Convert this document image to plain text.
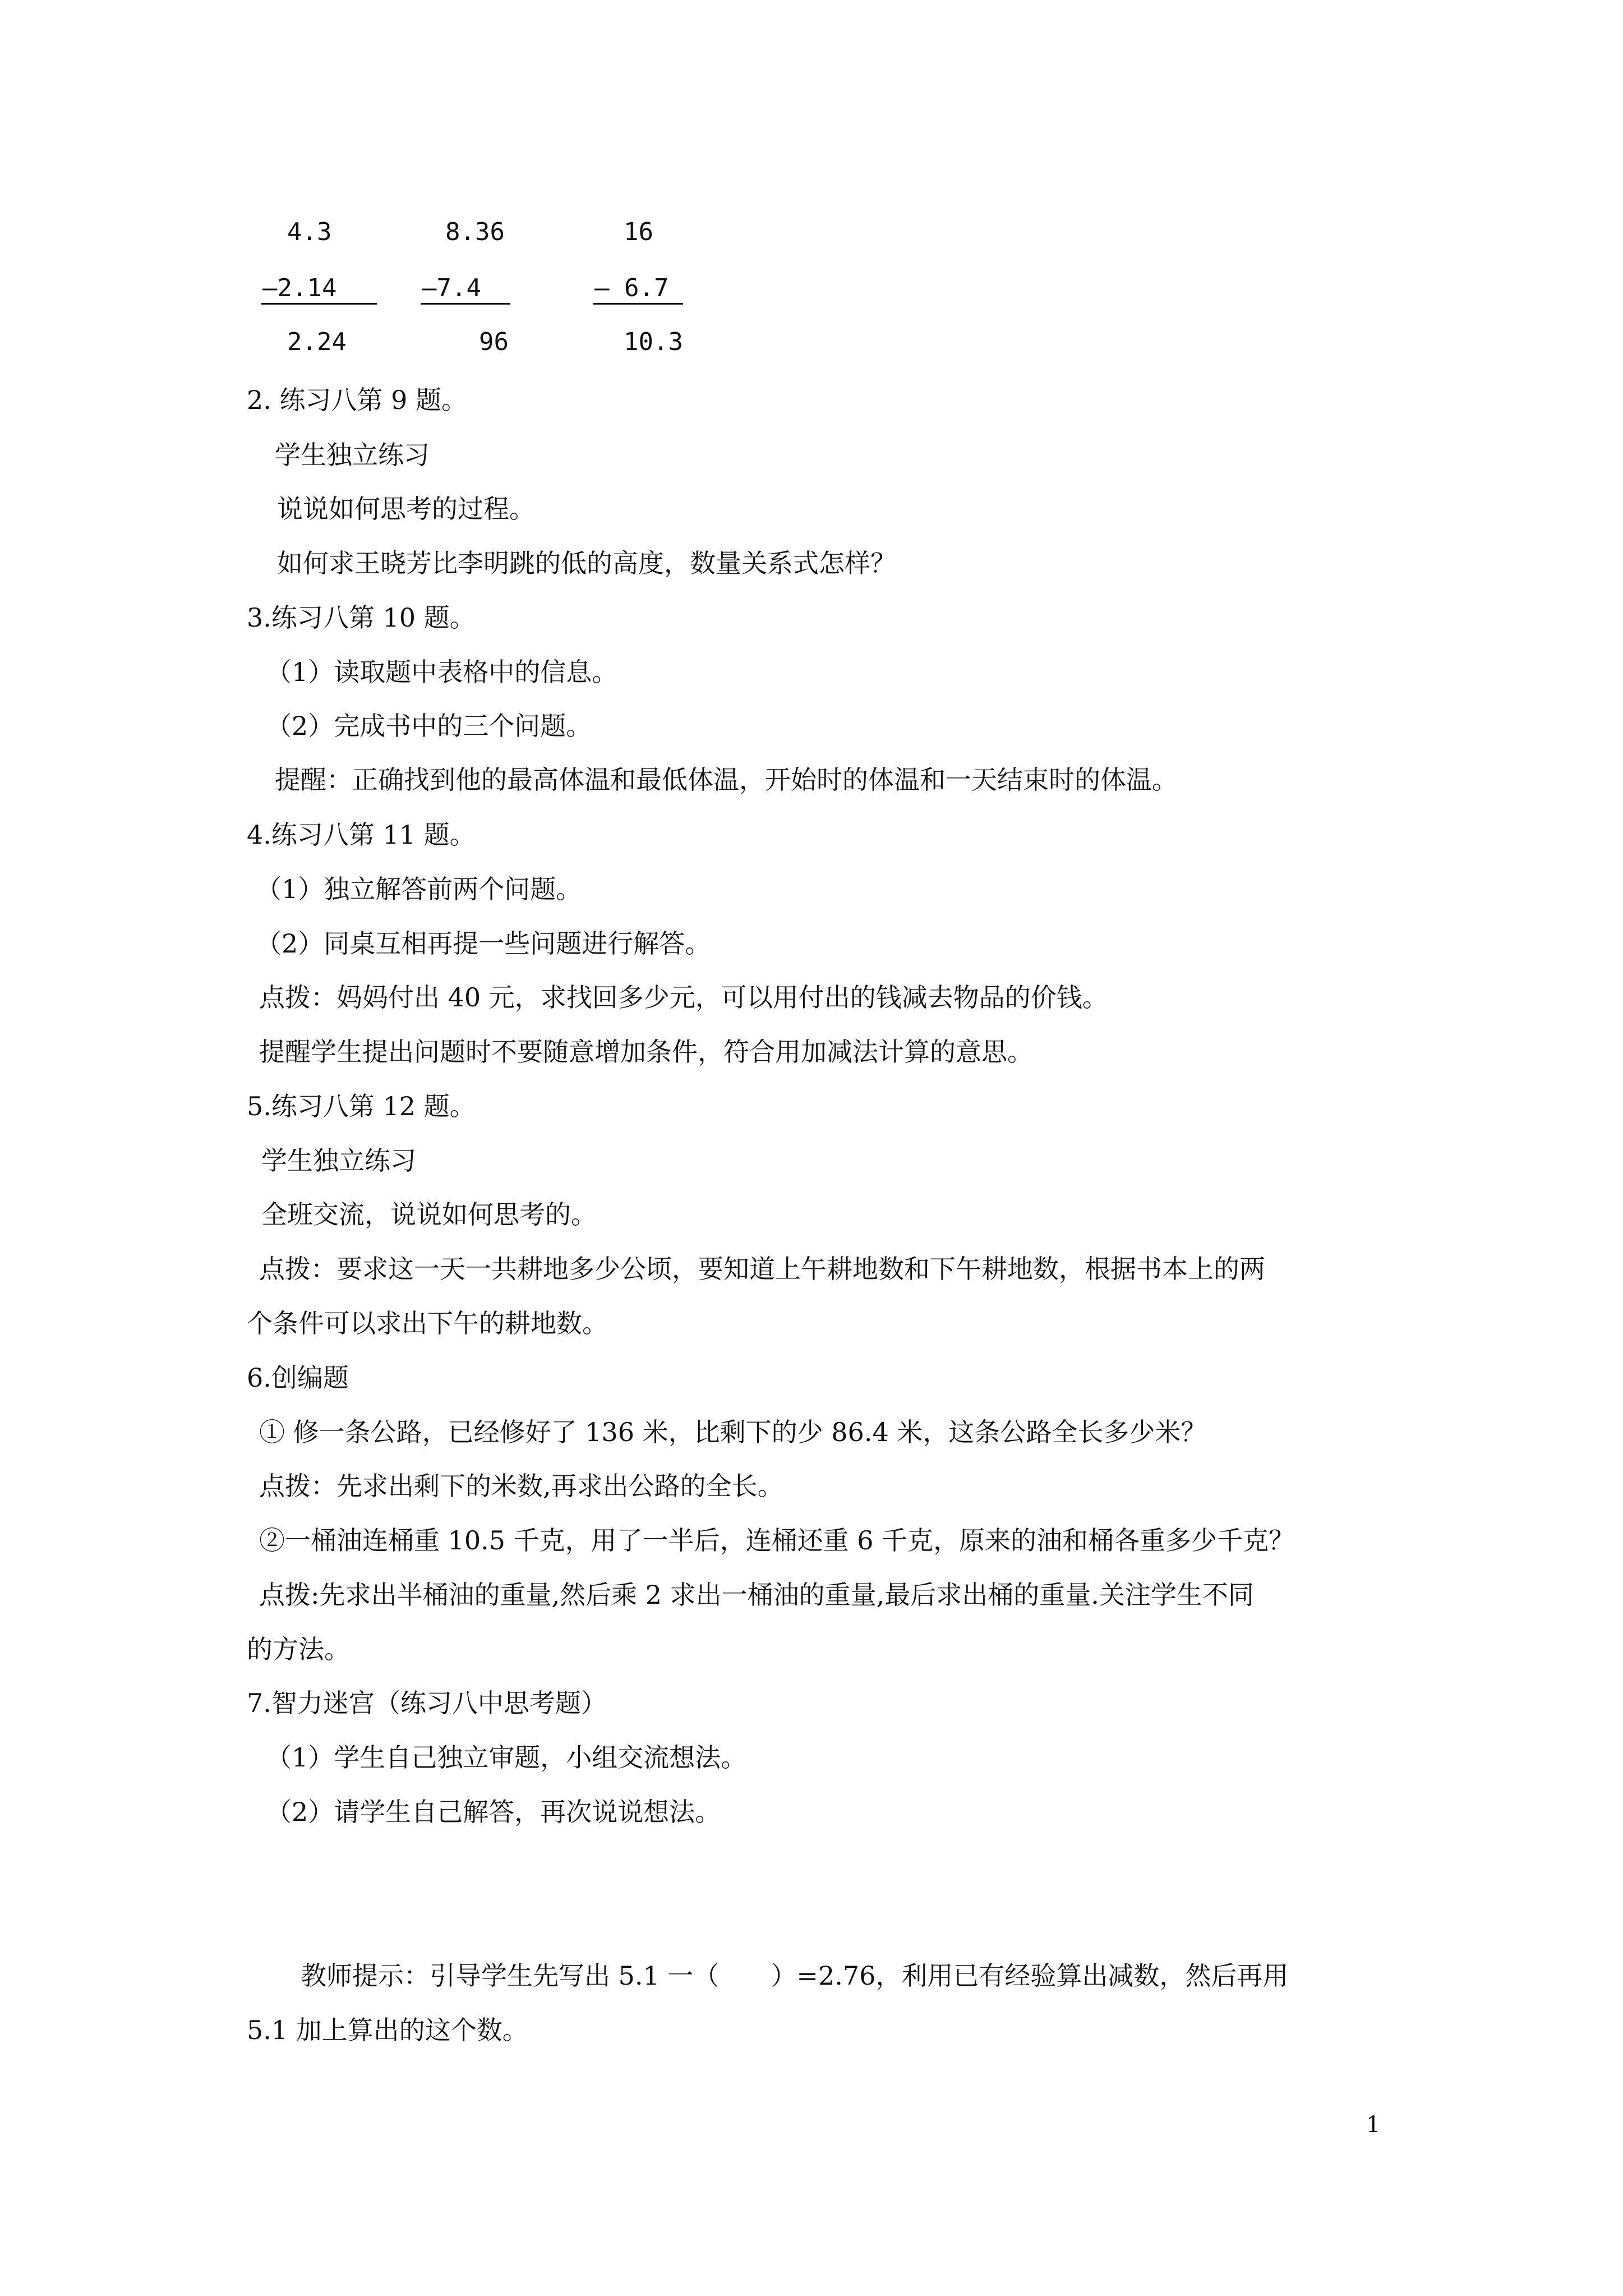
4.3
—2.14
2.24
8.36
—7.4
96
16
— 6.7
10.3

2. 练习八第 9 题。

学生独立练习

说说如何思考的过程。

如何求王晓芳比李明跳的低的高度，数量关系式怎样？

3.练习八第 10 题。

（1）读取题中表格中的信息。

（2）完成书中的三个问题。

提醒：正确找到他的最高体温和最低体温，开始时的体温和一天结束时的体温。

4.练习八第 11 题。

（1）独立解答前两个问题。

（2）同桌互相再提一些问题进行解答。

点拨：妈妈付出 40 元，求找回多少元，可以用付出的钱减去物品的价钱。

提醒学生提出问题时不要随意增加条件，符合用加减法计算的意思。

5.练习八第 12 题。

学生独立练习

全班交流，说说如何思考的。

点拨：要求这一天一共耕地多少公顷，要知道上午耕地数和下午耕地数，根据书本上的两

个条件可以求出下午的耕地数。

6.创编题

① 修一条公路，已经修好了 136 米，比剩下的少 86.4 米，这条公路全长多少米？

点拨：先求出剩下的米数,再求出公路的全长。

②一桶油连桶重 10.5 千克，用了一半后，连桶还重 6 千克，原来的油和桶各重多少千克？

点拨:先求出半桶油的重量,然后乘 2 求出一桶油的重量,最后求出桶的重量.关注学生不同

的方法。

7.智力迷宫（练习八中思考题）

（1）学生自己独立审题，小组交流想法。

（2）请学生自己解答，再次说说想法。

教师提示：引导学生先写出 5.1 一（　　）=2.76，利用已有经验算出减数，然后再用

5.1 加上算出的这个数。

1
